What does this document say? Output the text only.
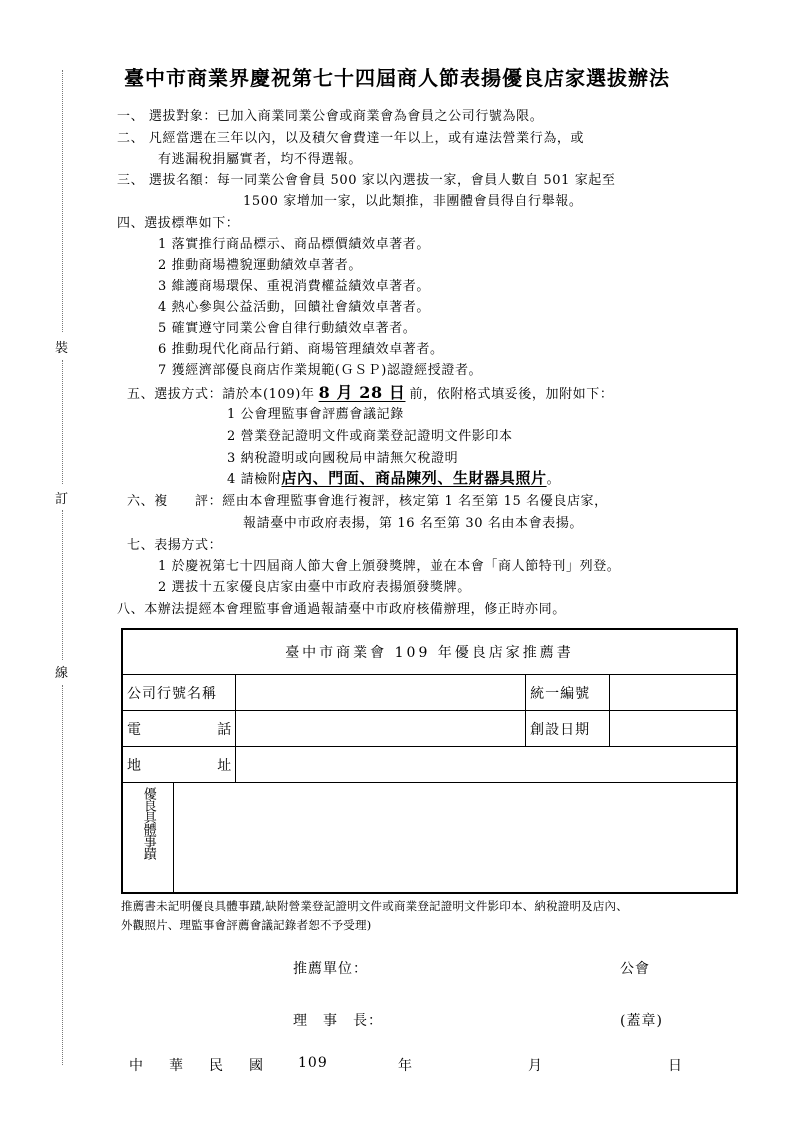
裝
訂
線
臺中市商業界慶祝第七十四屆商人節表揚優良店家選拔辦法
一、 選拔對象：已加入商業同業公會或商業會為會員之公司行號為限。
二、 凡經當選在三年以內，以及積欠會費達一年以上，或有違法營業行為，或
有逃漏稅捐屬實者，均不得選報。
三、 選拔名額：每一同業公會會員 500 家以內選拔一家，會員人數自 501 家起至
1500 家增加一家，以此類推，非團體會員得自行舉報。
四、選拔標準如下：
1 落實推行商品標示、商品標價績效卓著者。
2 推動商場禮貌運動績效卓著者。
3 維護商場環保、重視消費權益績效卓著者。
4 熱心參與公益活動，回饋社會績效卓著者。
5 確實遵守同業公會自律行動績效卓著者。
6 推動現代化商品行銷、商場管理績效卓著者。
7 獲經濟部優良商店作業規範(ＧＳＰ)認證經授證者。
五、選拔方式：請於本(109)年 8 月 28 日 前，依附格式填妥後，加附如下：
1 公會理監事會評薦會議記錄
2 營業登記證明文件或商業登記證明文件影印本
3 納稅證明或向國稅局申請無欠稅證明
4 請檢附店內、門面、商品陳列、生財器具照片。
六、複　　評：經由本會理監事會進行複評，核定第 1 名至第 15 名優良店家，
報請臺中市政府表揚，第 16 名至第 30 名由本會表揚。
七、表揚方式：
1 於慶祝第七十四屆商人節大會上頒發獎牌，並在本會「商人節特刊」列登。
2 選拔十五家優良店家由臺中市政府表揚頒發獎牌。
八、本辦法提經本會理監事會通過報請臺中市政府核備辦理，修正時亦同。
臺中市商業會 109 年優良店家推薦書				
公司行號名稱			統一編號	

電 話			創設日期	

地 址				

優良具體事蹟				

推薦書未記明優良具體事蹟,缺附營業登記證明文件或商業登記證明文件影印本、納稅證明及店內、
外觀照片、理監事會評薦會議記錄者恕不予受理)
推薦單位：	公會
理　事　長：	(蓋章)
中　華　民　國 109	年	月	日
